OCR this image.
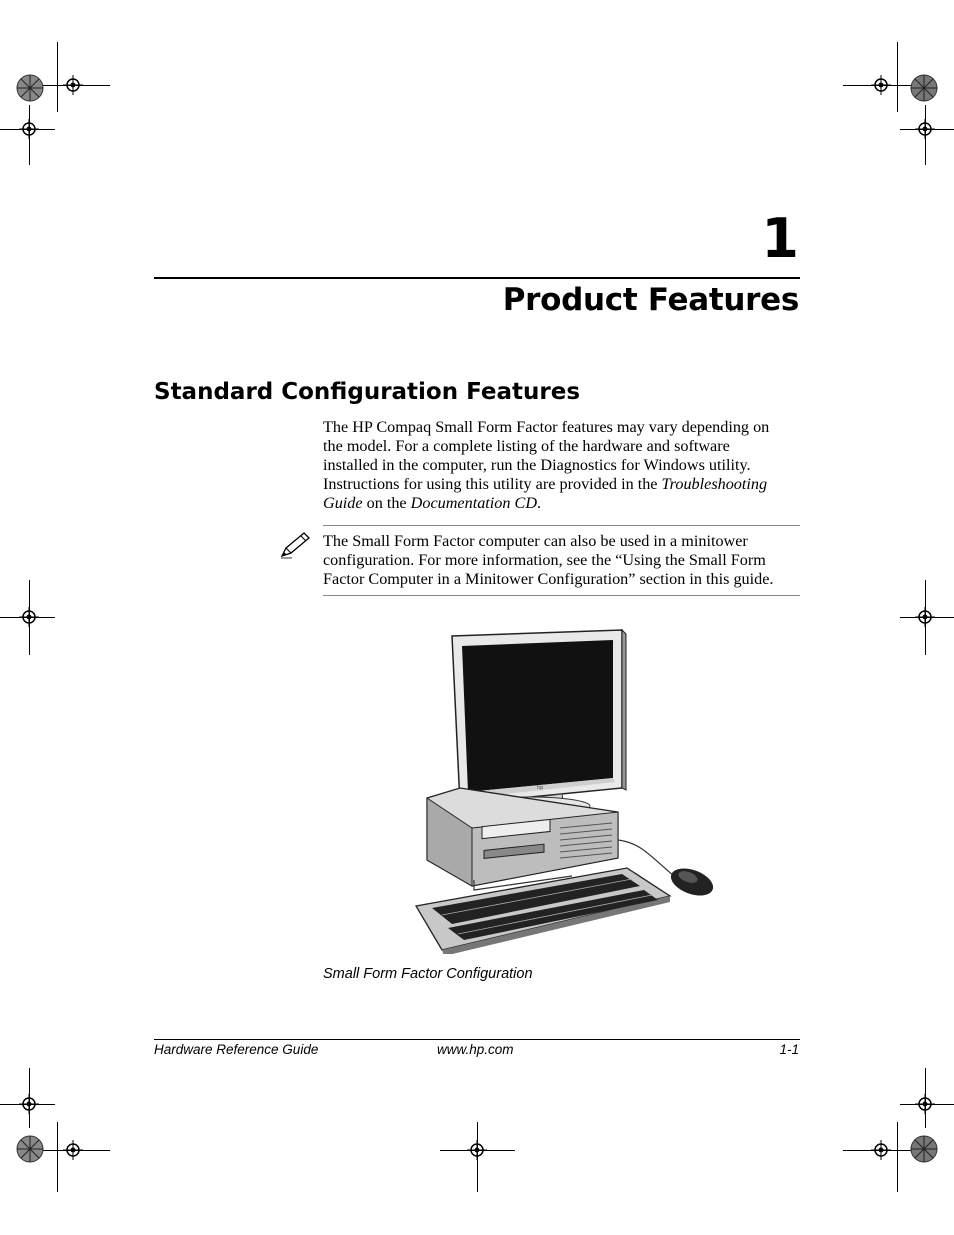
1
Product Features
Standard Configuration Features
The HP Compaq Small Form Factor features may vary depending on
the model. For a complete listing of the hardware and software
installed in the computer, run the Diagnostics for Windows utility.
Instructions for using this utility are provided in the Troubleshooting
Guide on the Documentation CD.
The Small Form Factor computer can also be used in a minitower
configuration. For more information, see the “Using the Small Form
Factor Computer in a Minitower Configuration” section in this guide.
hp
Small Form Factor Configuration
Hardware Reference Guide	www.hp.com	1-1
